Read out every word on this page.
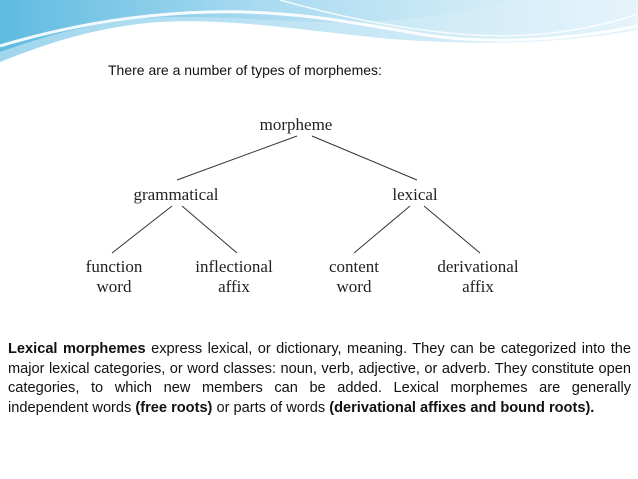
There are a number of types of morphemes:
morpheme
grammatical	lexical
function
word
inflectional
affix
content
word
derivational
affix

Lexical morphemes express lexical, or dictionary, meaning. They can be categorized into the major lexical categories, or word classes: noun, verb, adjective, or adverb. They constitute open categories, to which new members can be added. Lexical morphemes are generally independent words (free roots) or parts of words (derivational affixes and bound roots).
